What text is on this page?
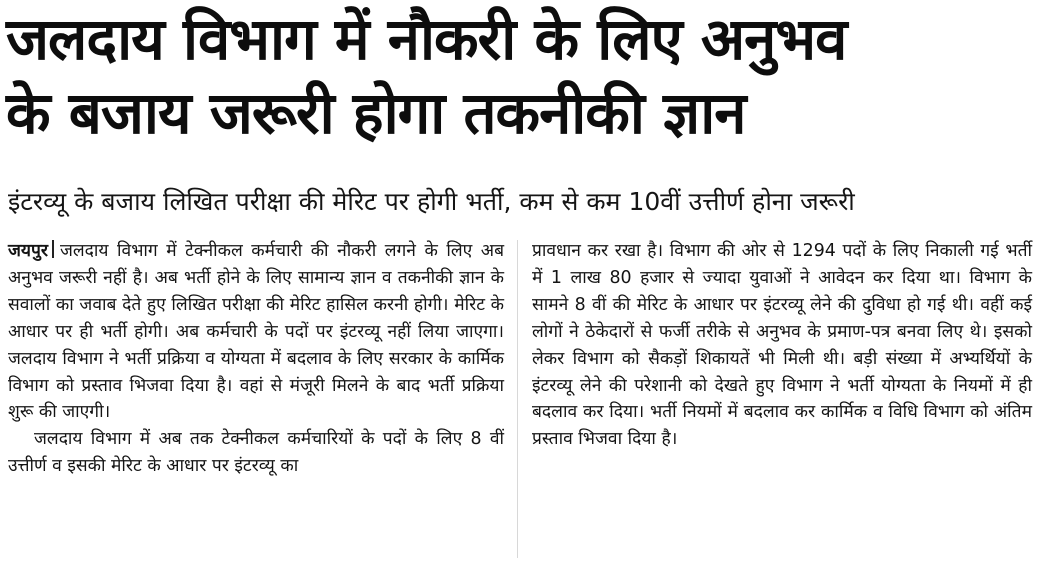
जलदाय विभाग में नौकरी के लिए अनुभव
के बजाय जरूरी होगा तकनीकी ज्ञान
इंटरव्यू के बजाय लिखित परीक्षा की मेरिट पर होगी भर्ती, कम से कम 10वीं उत्तीर्ण होना जरूरी

जयपुर जलदाय विभाग में टेक्नीकल कर्मचारी की नौकरी लगने के लिए अब अनुभव जरूरी नहीं है। अब भर्ती होने के लिए सामान्य ज्ञान व तकनीकी ज्ञान के सवालों का जवाब देते हुए लिखित परीक्षा की मेरिट हासिल करनी होगी। मेरिट के आधार पर ही भर्ती होगी। अब कर्मचारी के पदों पर इंटरव्यू नहीं लिया जाएगा। जलदाय विभाग ने भर्ती प्रक्रिया व योग्यता में बदलाव के लिए सरकार के कार्मिक विभाग को प्रस्ताव भिजवा दिया है। वहां से मंजूरी मिलने के बाद भर्ती प्रक्रिया शुरू की जाएगी।

जलदाय विभाग में अब तक टेक्नीकल कर्मचारियों के पदों के लिए 8 वीं उत्तीर्ण व इसकी मेरिट के आधार पर इंटरव्यू का

प्रावधान कर रखा है। विभाग की ओर से 1294 पदों के लिए निकाली गई भर्ती में 1 लाख 80 हजार से ज्यादा युवाओं ने आवेदन कर दिया था। विभाग के सामने 8 वीं की मेरिट के आधार पर इंटरव्यू लेने की दुविधा हो गई थी। वहीं कई लोगों ने ठेकेदारों से फर्जी तरीके से अनुभव के प्रमाण-पत्र बनवा लिए थे। इसको लेकर विभाग को सैकड़ों शिकायतें भी मिली थी। बड़ी संख्या में अभ्यर्थियों के इंटरव्यू लेने की परेशानी को देखते हुए विभाग ने भर्ती योग्यता के नियमों में ही बदलाव कर दिया। भर्ती नियमों में बदलाव कर कार्मिक व विधि विभाग को अंतिम प्रस्ताव भिजवा दिया है।
